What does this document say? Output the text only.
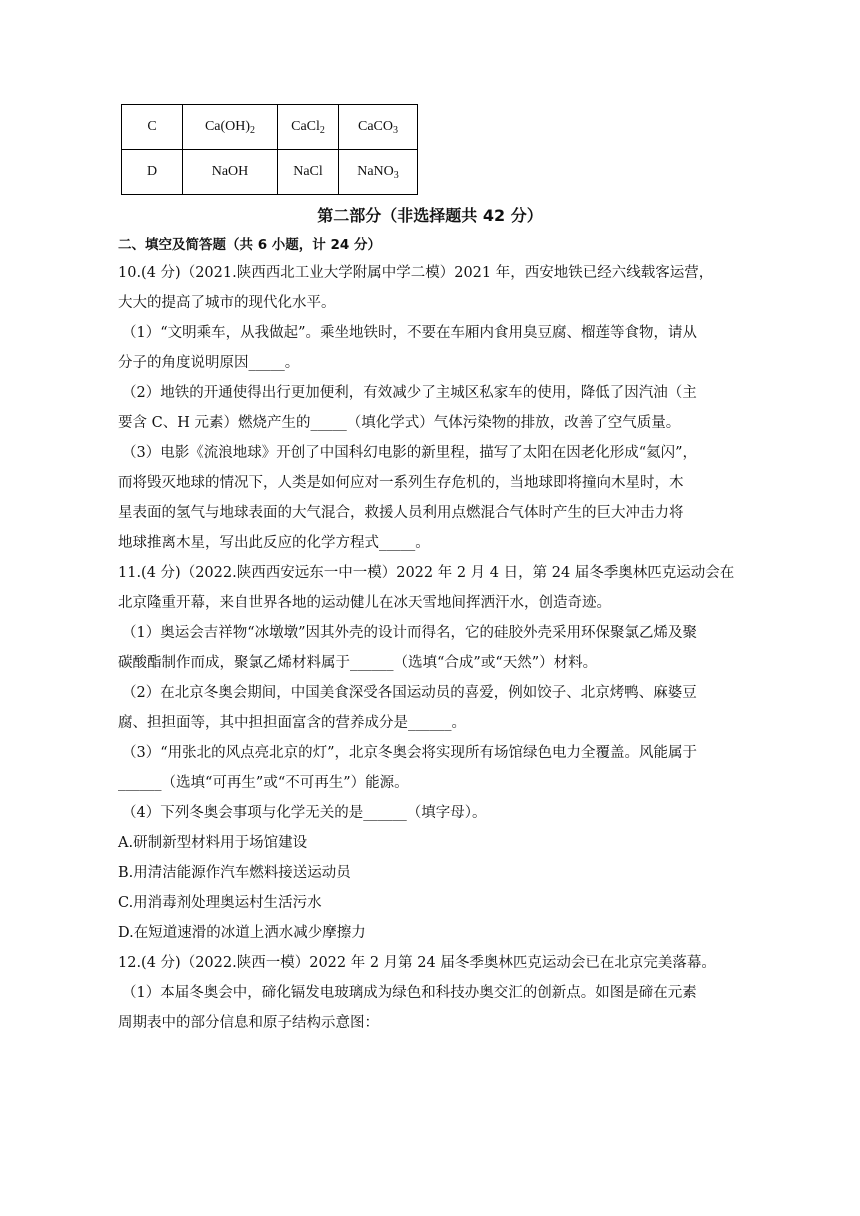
C	$Ca(OH)_2$	CaCl$_2$	CaCO$_3$
D	NaOH	NaCl	NaNO$_3$
第二部分（非选择题共 42 分）
二、填空及简答题（共 6 小题，计 24 分）
10.(4 分)（2021.陕西西北工业大学附属中学二模）2021 年，西安地铁已经六线载客运营，
大大的提高了城市的现代化水平。
（1）“文明乘车，从我做起”。乘坐地铁时，不要在车厢内食用臭豆腐、榴莲等食物，请从
分子的角度说明原因_____。
（2）地铁的开通使得出行更加便利，有效减少了主城区私家车的使用，降低了因汽油（主
要含 C、H 元素）燃烧产生的_____（填化学式）气体污染物的排放，改善了空气质量。
（3）电影《流浪地球》开创了中国科幻电影的新里程，描写了太阳在因老化形成“氦闪”，
而将毁灭地球的情况下，人类是如何应对一系列生存危机的，当地球即将撞向木星时，木
星表面的氢气与地球表面的大气混合，救援人员利用点燃混合气体时产生的巨大冲击力将
地球推离木星，写出此反应的化学方程式_____。
11.(4 分)（2022.陕西西安远东一中一模）2022 年 2 月 4 日，第 24 届冬季奥林匹克运动会在
北京隆重开幕，来自世界各地的运动健儿在冰天雪地间挥洒汗水，创造奇迹。
（1）奥运会吉祥物“冰墩墩”因其外壳的设计而得名，它的硅胶外壳采用环保聚氯乙烯及聚
碳酸酯制作而成，聚氯乙烯材料属于______（选填“合成”或“天然”）材料。
（2）在北京冬奥会期间，中国美食深受各国运动员的喜爱，例如饺子、北京烤鸭、麻婆豆
腐、担担面等，其中担担面富含的营养成分是______。
（3）“用张北的风点亮北京的灯”，北京冬奥会将实现所有场馆绿色电力全覆盖。风能属于
______（选填“可再生”或“不可再生”）能源。
（4）下列冬奥会事项与化学无关的是______（填字母）。
A.研制新型材料用于场馆建设
B.用清洁能源作汽车燃料接送运动员
C.用消毒剂处理奥运村生活污水
D.在短道速滑的冰道上洒水减少摩擦力
12.(4 分)（2022.陕西一模）2022 年 2 月第 24 届冬季奥林匹克运动会已在北京完美落幕。
（1）本届冬奥会中，碲化镉发电玻璃成为绿色和科技办奥交汇的创新点。如图是碲在元素
周期表中的部分信息和原子结构示意图：
